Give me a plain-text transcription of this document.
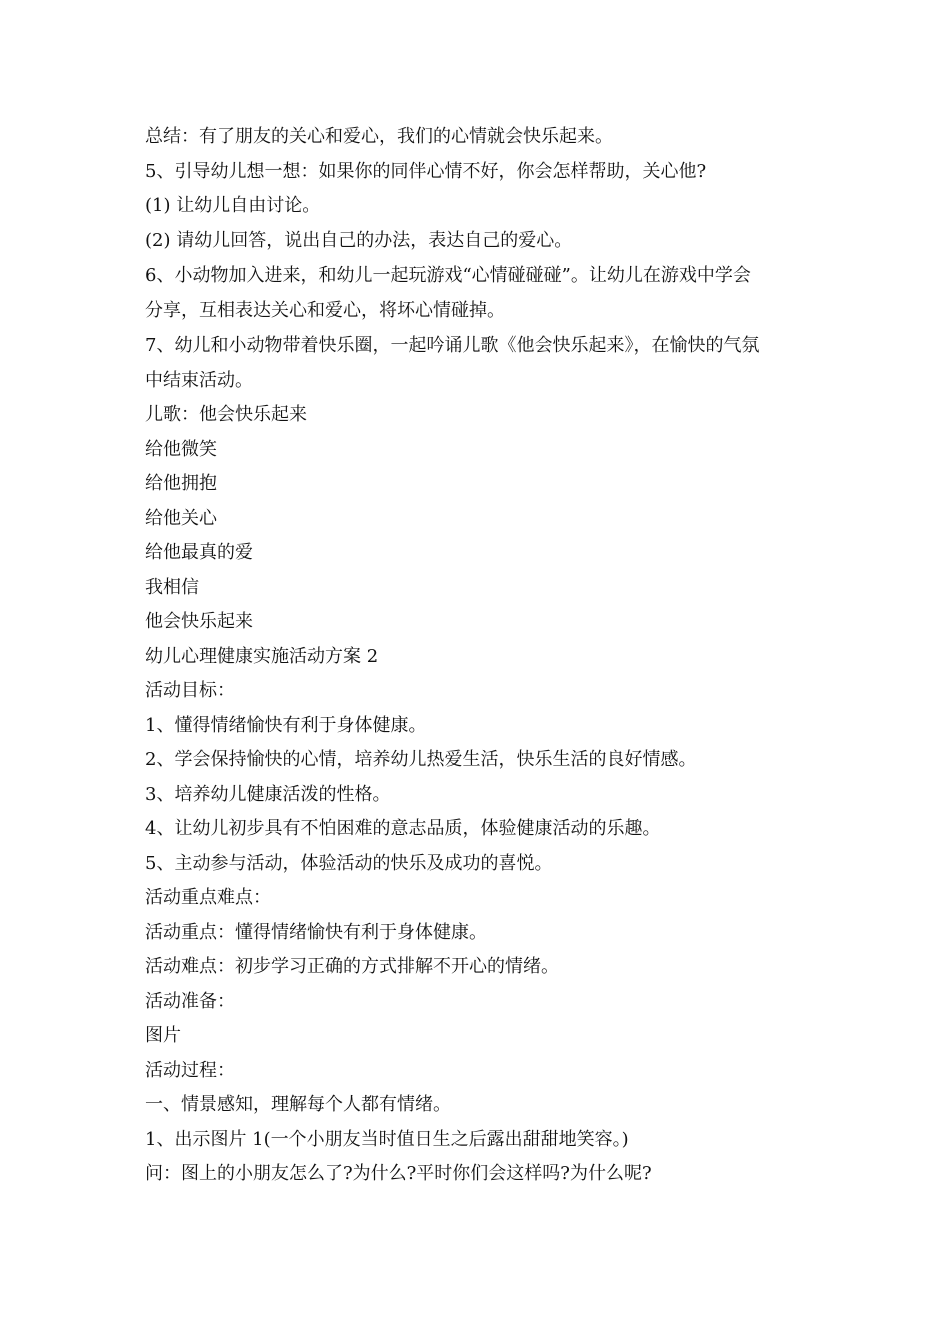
总结：有了朋友的关心和爱心，我们的心情就会快乐起来。

5、引导幼儿想一想：如果你的同伴心情不好，你会怎样帮助，关心他?

(1) 让幼儿自由讨论。

(2) 请幼儿回答，说出自己的办法，表达自己的爱心。

6、小动物加入进来，和幼儿一起玩游戏“心情碰碰碰”。让幼儿在游戏中学会

分享，互相表达关心和爱心，将坏心情碰掉。

7、幼儿和小动物带着快乐圈，一起吟诵儿歌《他会快乐起来》，在愉快的气氛

中结束活动。

儿歌：他会快乐起来

给他微笑

给他拥抱

给他关心

给他最真的爱

我相信

他会快乐起来

幼儿心理健康实施活动方案 2

活动目标：

1、懂得情绪愉快有利于身体健康。

2、学会保持愉快的心情，培养幼儿热爱生活，快乐生活的良好情感。

3、培养幼儿健康活泼的性格。

4、让幼儿初步具有不怕困难的意志品质，体验健康活动的乐趣。

5、主动参与活动，体验活动的快乐及成功的喜悦。

活动重点难点：

活动重点：懂得情绪愉快有利于身体健康。

活动难点：初步学习正确的方式排解不开心的情绪。

活动准备：

图片

活动过程：

一、情景感知，理解每个人都有情绪。

1、出示图片 1(一个小朋友当时值日生之后露出甜甜地笑容。)

问：图上的小朋友怎么了?为什么?平时你们会这样吗?为什么呢?
